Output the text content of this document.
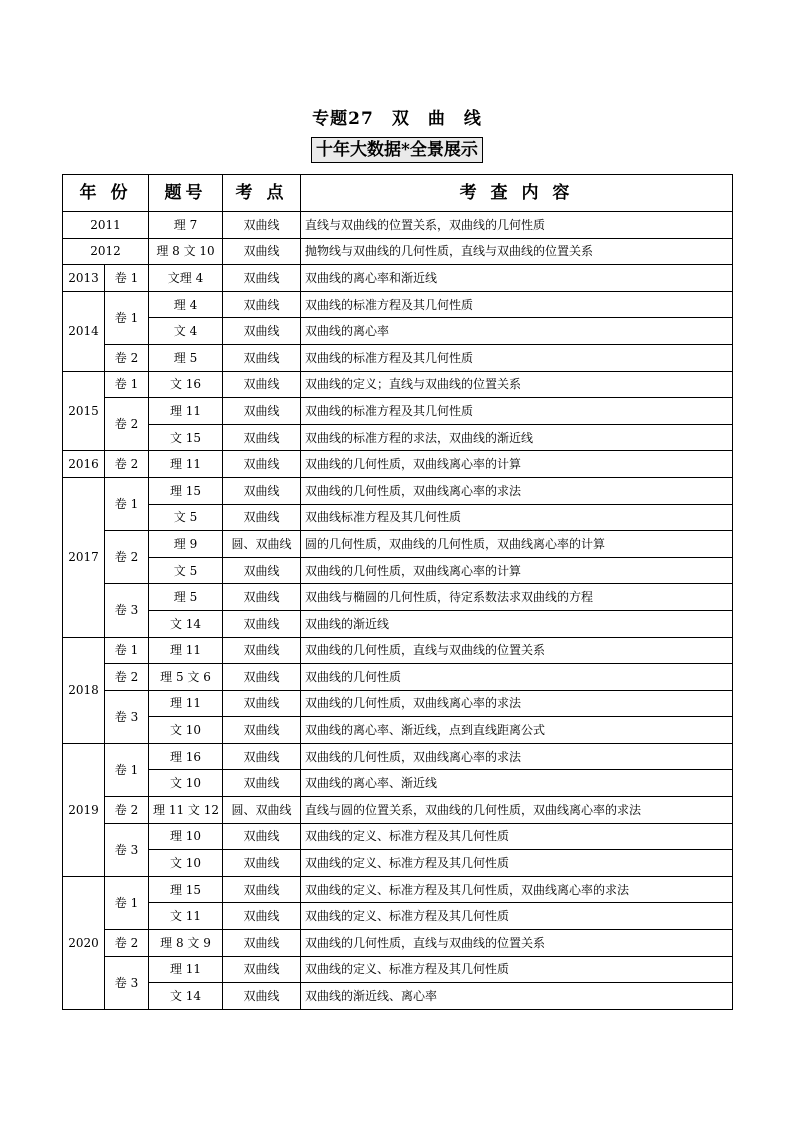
专题27　双　曲　线
十年大数据*全景展示
年 份		题号	考 点	考 查 内 容
2011		理 7	双曲线	直线与双曲线的位置关系，双曲线的几何性质
2012		理 8 文 10	双曲线	抛物线与双曲线的几何性质，直线与双曲线的位置关系
2013	卷 1	文理 4	双曲线	双曲线的离心率和渐近线
2014	卷 1	理 4	双曲线	双曲线的标准方程及其几何性质
		文 4	双曲线	双曲线的离心率
	卷 2	理 5	双曲线	双曲线的标准方程及其几何性质
2015	卷 1	文 16	双曲线	双曲线的定义；直线与双曲线的位置关系
	卷 2	理 11	双曲线	双曲线的标准方程及其几何性质
		文 15	双曲线	双曲线的标准方程的求法，双曲线的渐近线
2016	卷 2	理 11	双曲线	双曲线的几何性质，双曲线离心率的计算
2017	卷 1	理 15	双曲线	双曲线的几何性质，双曲线离心率的求法
		文 5	双曲线	双曲线标准方程及其几何性质
	卷 2	理 9	圆、双曲线	圆的几何性质，双曲线的几何性质，双曲线离心率的计算
		文 5	双曲线	双曲线的几何性质，双曲线离心率的计算
	卷 3	理 5	双曲线	双曲线与椭圆的几何性质，待定系数法求双曲线的方程
		文 14	双曲线	双曲线的渐近线
2018	卷 1	理 11	双曲线	双曲线的几何性质，直线与双曲线的位置关系
	卷 2	理 5 文 6	双曲线	双曲线的几何性质
	卷 3	理 11	双曲线	双曲线的几何性质，双曲线离心率的求法
		文 10	双曲线	双曲线的离心率、渐近线，点到直线距离公式
2019	卷 1	理 16	双曲线	双曲线的几何性质，双曲线离心率的求法
		文 10	双曲线	双曲线的离心率、渐近线
	卷 2	理 11 文 12	圆、双曲线	直线与圆的位置关系，双曲线的几何性质，双曲线离心率的求法
	卷 3	理 10	双曲线	双曲线的定义、标准方程及其几何性质
		文 10	双曲线	双曲线的定义、标准方程及其几何性质
2020	卷 1	理 15	双曲线	双曲线的定义、标准方程及其几何性质，双曲线离心率的求法
		文 11	双曲线	双曲线的定义、标准方程及其几何性质
	卷 2	理 8 文 9	双曲线	双曲线的几何性质，直线与双曲线的位置关系
	卷 3	理 11	双曲线	双曲线的定义、标准方程及其几何性质
		文 14	双曲线	双曲线的渐近线、离心率
